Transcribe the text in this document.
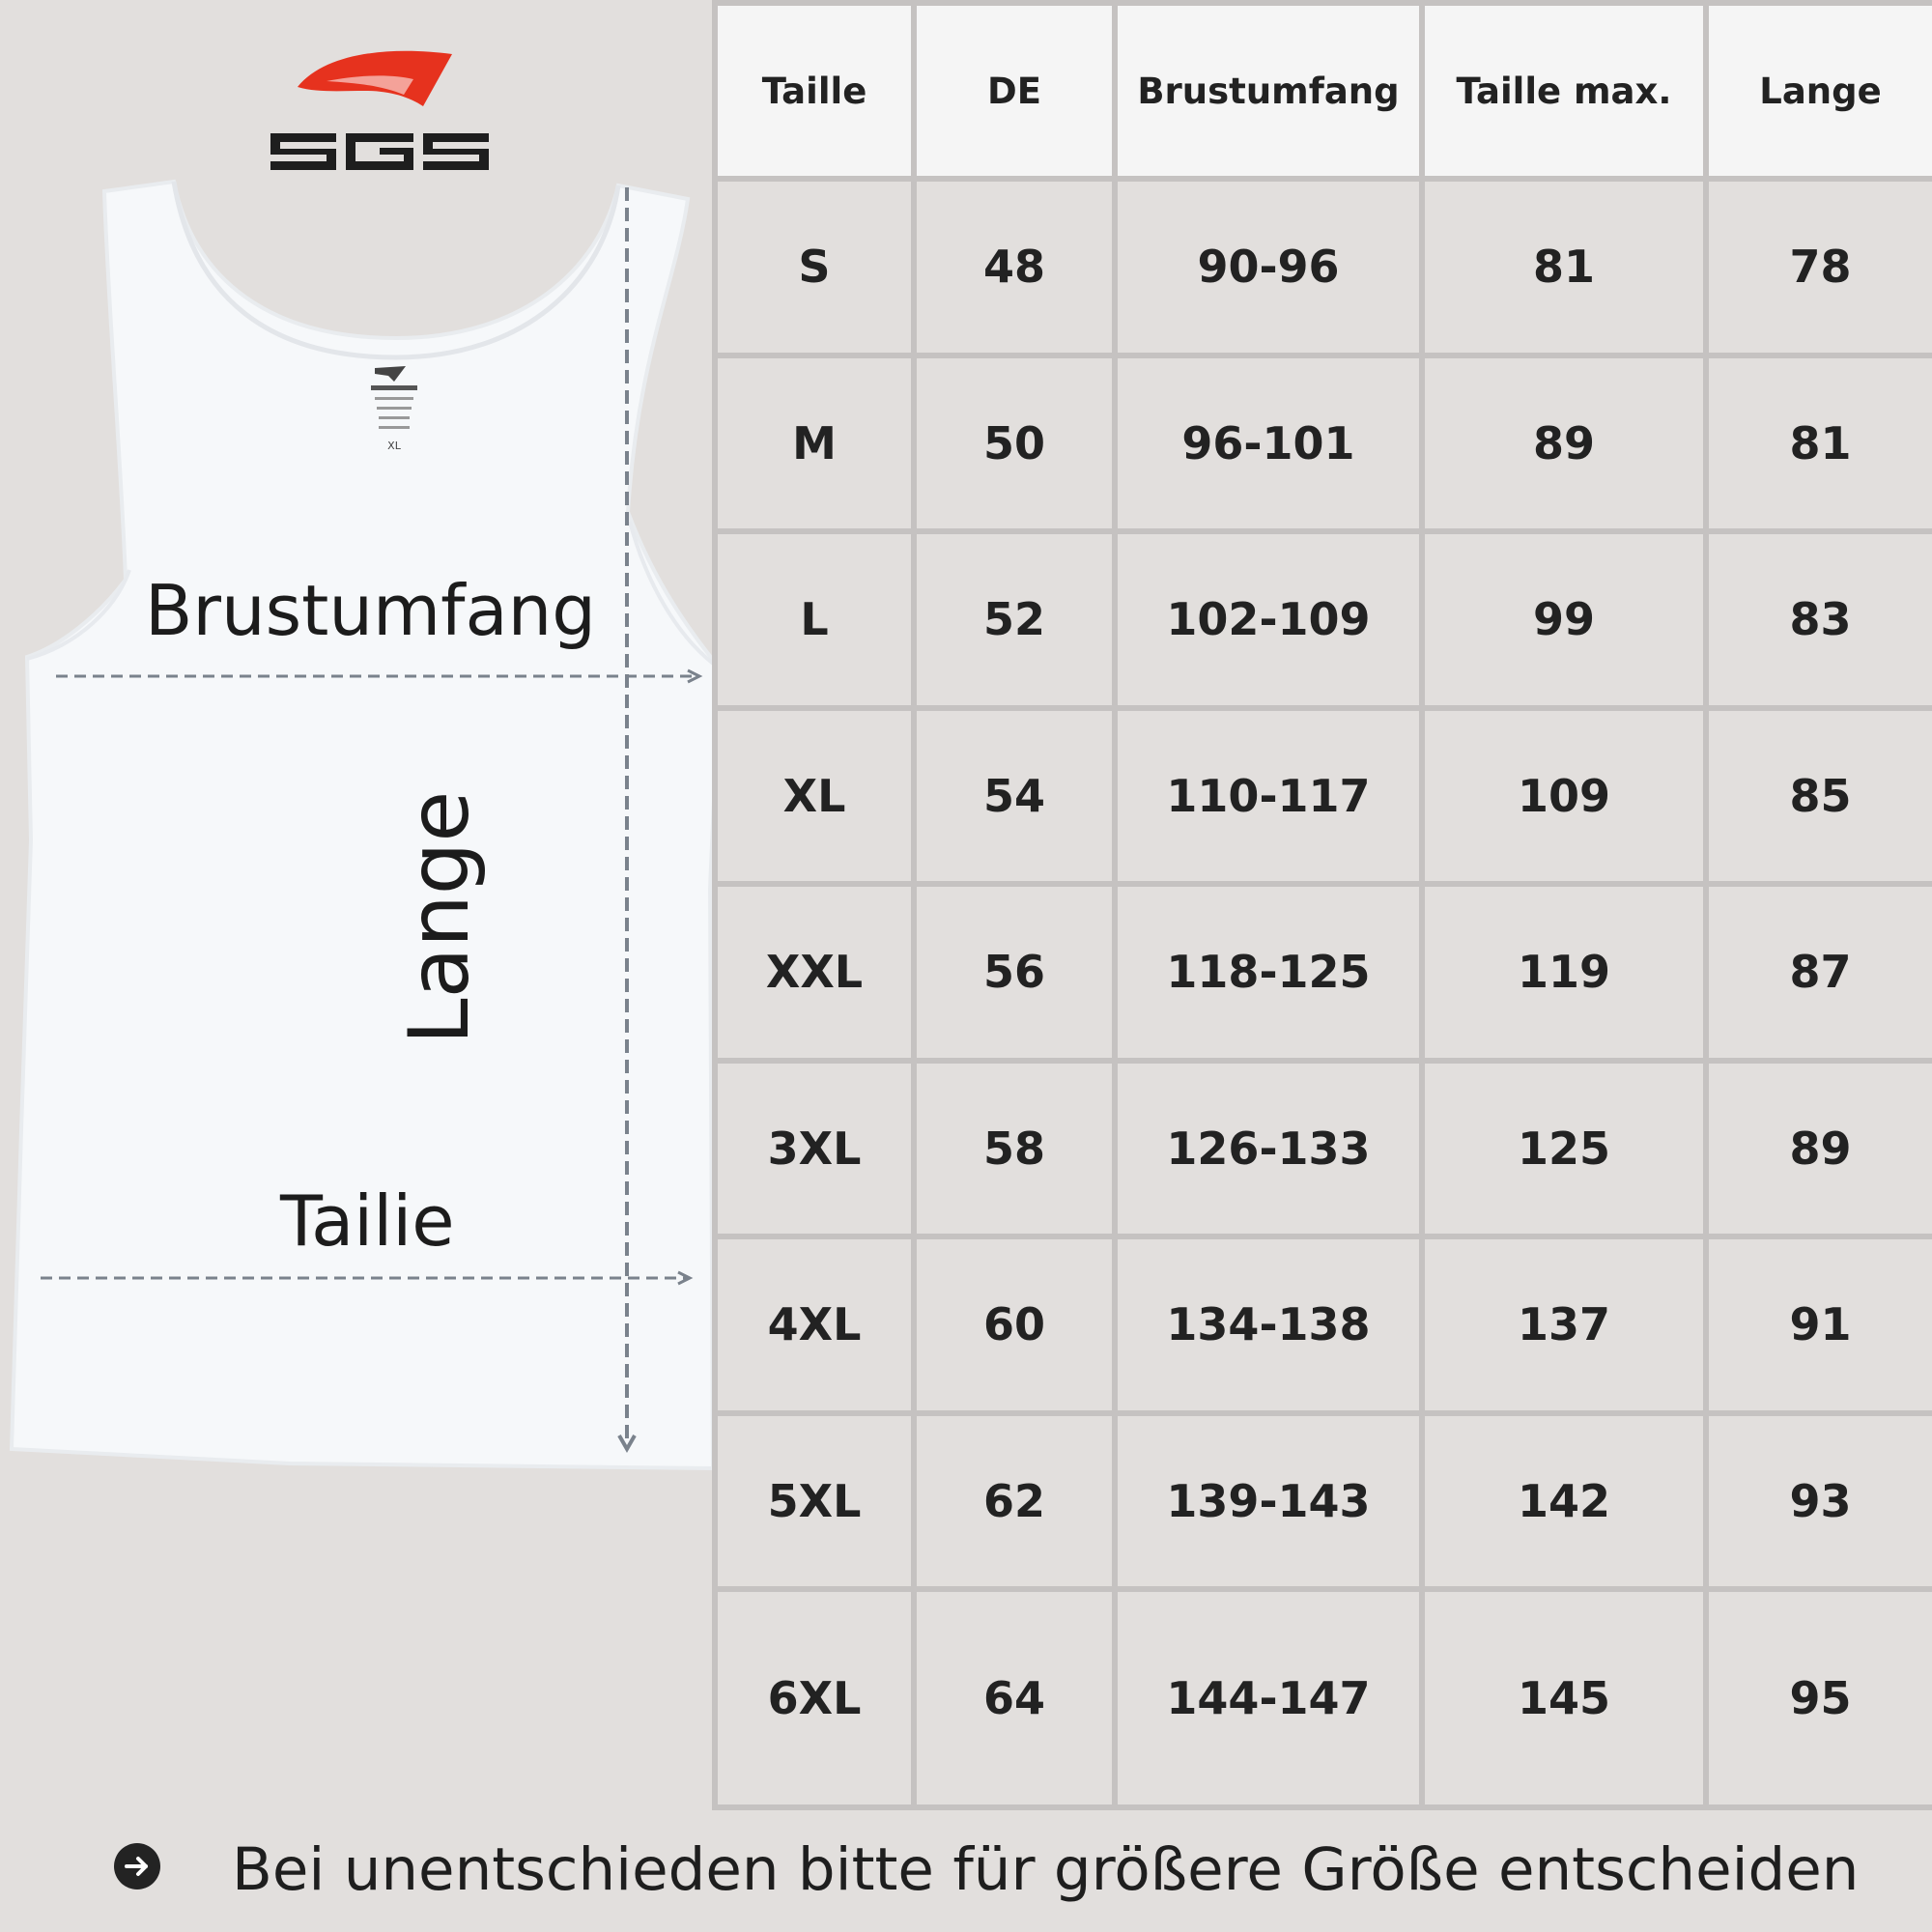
XL
Brustumfang
Tailie
Lange
Taille	DE	Brustumfang	Taille max.	Lange
S	48	90-96	81	78
M	50	96-101	89	81
L	52	102-109	99	83
XL	54	110-117	109	85
XXL	56	118-125	119	87
3XL	58	126-133	125	89
4XL	60	134-138	137	91
5XL	62	139-143	142	93
6XL	64	144-147	145	95
Bei unentschieden bitte für größere Größe entscheiden
